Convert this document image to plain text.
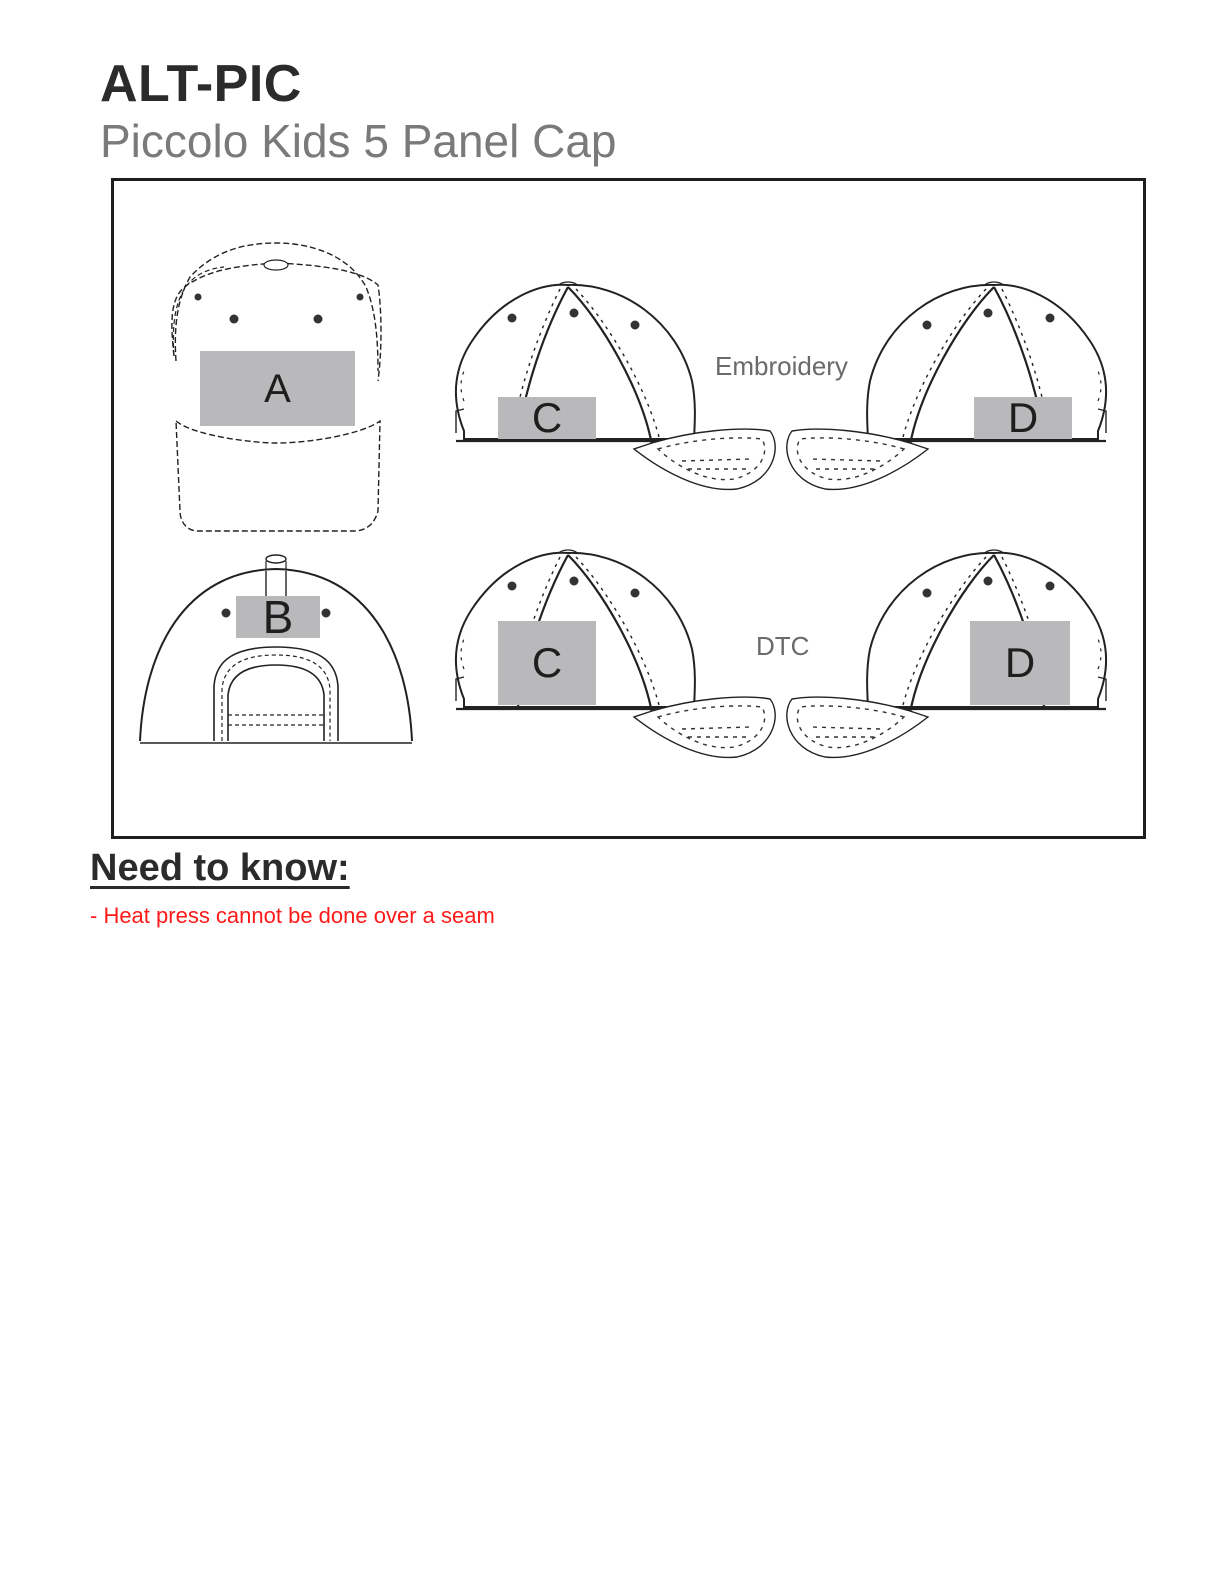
ALT-PIC
Piccolo Kids 5 Panel Cap
A
C	D
B
C	D
Embroidery
DTC
Need to know:
- Heat press cannot be done over a seam
